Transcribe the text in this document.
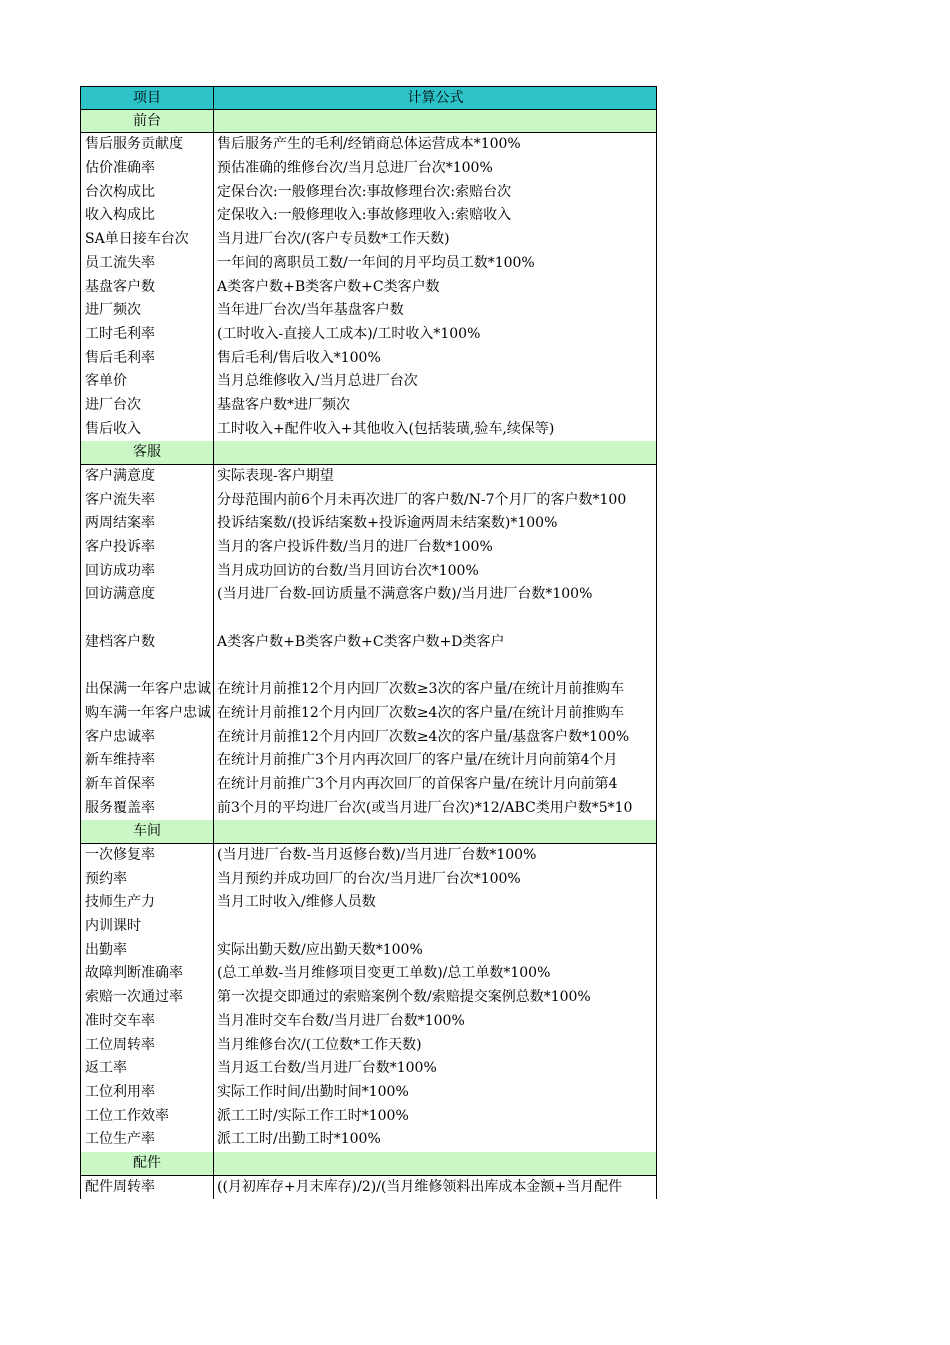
项目	计算公式
前台
售后服务贡献度	售后服务产生的毛利/经销商总体运营成本*100%
估价准确率	预估准确的维修台次/当月总进厂台次*100%
台次构成比	定保台次:一般修理台次:事故修理台次:索赔台次
收入构成比	定保收入:一般修理收入:事故修理收入:索赔收入
SA单日接车台次	当月进厂台次/(客户专员数*工作天数)
员工流失率	一年间的离职员工数/一年间的月平均员工数*100%
基盘客户数	A类客户数+B类客户数+C类客户数
进厂频次	当年进厂台次/当年基盘客户数
工时毛利率	(工时收入-直接人工成本)/工时收入*100%
售后毛利率	售后毛利/售后收入*100%
客单价	当月总维修收入/当月总进厂台次
进厂台次	基盘客户数*进厂频次
售后收入	工时收入+配件收入+其他收入(包括装璜,验车,续保等)
客服
客户满意度	实际表现-客户期望
客户流失率	分母范围内前6个月未再次进厂的客户数/N-7个月厂的客户数*100
两周结案率	投诉结案数/(投诉结案数+投诉逾两周未结案数)*100%
客户投诉率	当月的客户投诉件数/当月的进厂台数*100%
回访成功率	当月成功回访的台数/当月回访台次*100%
回访满意度	(当月进厂台数-回访质量不满意客户数)/当月进厂台数*100%
建档客户数	A类客户数+B类客户数+C类客户数+D类客户
出保满一年客户忠诚 在统计月前推12个月内回厂次数≥3次的客户量/在统计月前推购车
购车满一年客户忠诚 在统计月前推12个月内回厂次数≥4次的客户量/在统计月前推购车
客户忠诚率	在统计月前推12个月内回厂次数≥4次的客户量/基盘客户数*100%
新车维持率	在统计月前推广3个月内再次回厂的客户量/在统计月向前第4个月
新车首保率	在统计月前推广3个月内再次回厂的首保客户量/在统计月向前第4
服务覆盖率	前3个月的平均进厂台次(或当月进厂台次)*12/ABC类用户数*5*10
车间
一次修复率	(当月进厂台数-当月返修台数)/当月进厂台数*100%
预约率	当月预约并成功回厂的台次/当月进厂台次*100%
技师生产力	当月工时收入/维修人员数
内训课时
出勤率	实际出勤天数/应出勤天数*100%
故障判断准确率	(总工单数-当月维修项目变更工单数)/总工单数*100%
索赔一次通过率	第一次提交即通过的索赔案例个数/索赔提交案例总数*100%
准时交车率	当月准时交车台数/当月进厂台数*100%
工位周转率	当月维修台次/(工位数*工作天数)
返工率	当月返工台数/当月进厂台数*100%
工位利用率	实际工作时间/出勤时间*100%
工位工作效率	派工工时/实际工作工时*100%
工位生产率	派工工时/出勤工时*100%
配件
配件周转率	((月初库存+月末库存)/2)/(当月维修领料出库成本金额+当月配件
